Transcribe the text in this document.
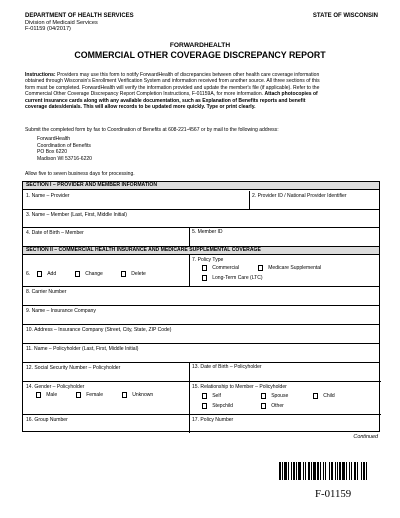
DEPARTMENT OF HEALTH SERVICES
Division of Medicaid Services
F-01159 (04/2017)
STATE OF WISCONSIN
FORWARDHEALTH
COMMERCIAL OTHER COVERAGE DISCREPANCY REPORT
Instructions: Providers may use this form to notify ForwardHealth of discrepancies between other health care coverage information
obtained through Wisconsin's Enrollment Verification System and information received from another source. All three sections of this
form must be completed. ForwardHealth will verify the information provided and update the member's file (if applicable). Refer to the
Commercial Other Coverage Discrepancy Report Completion Instructions, F-01159A, for more information. Attach photocopies of
current insurance cards along with any available documentation, such as Explanation of Benefits reports and benefit
coverage dates/denials. This will allow records to be updated more quickly. Type or print clearly.
Submit the completed form by fax to Coordination of Benefits at 608-221-4567 or by mail to the following address:
ForwardHealth
Coordination of Benefits
PO Box 6220
Madison WI 53716-6220
Allow five to seven business days for processing.
SECTION I – PROVIDER AND MEMBER INFORMATION
1. Name – Provider	2. Provider ID / National Provider Identifier
3. Name – Member (Last, First, Middle Initial)
4. Date of Birth – Member	5. Member ID
SECTION II – COMMERCIAL HEALTH INSURANCE AND MEDICARE SUPPLEMENTAL COVERAGE
6.	Add	Change	Delete
7. Policy Type
Commercial	Medicare Supplemental
Long-Term Care (LTC)
8. Carrier Number
9. Name – Insurance Company
10. Address – Insurance Company (Street, City, State, ZIP Code)
11. Name – Policyholder (Last, First, Middle Initial)
12. Social Security Number – Policyholder	13. Date of Birth – Policyholder
14. Gender – Policyholder
Male	Female	Unknown
15. Relationship to Member – Policyholder
Self	Spouse	Child
Stepchild	Other
16. Group Number	17. Policy Number
Continued
F-01159
